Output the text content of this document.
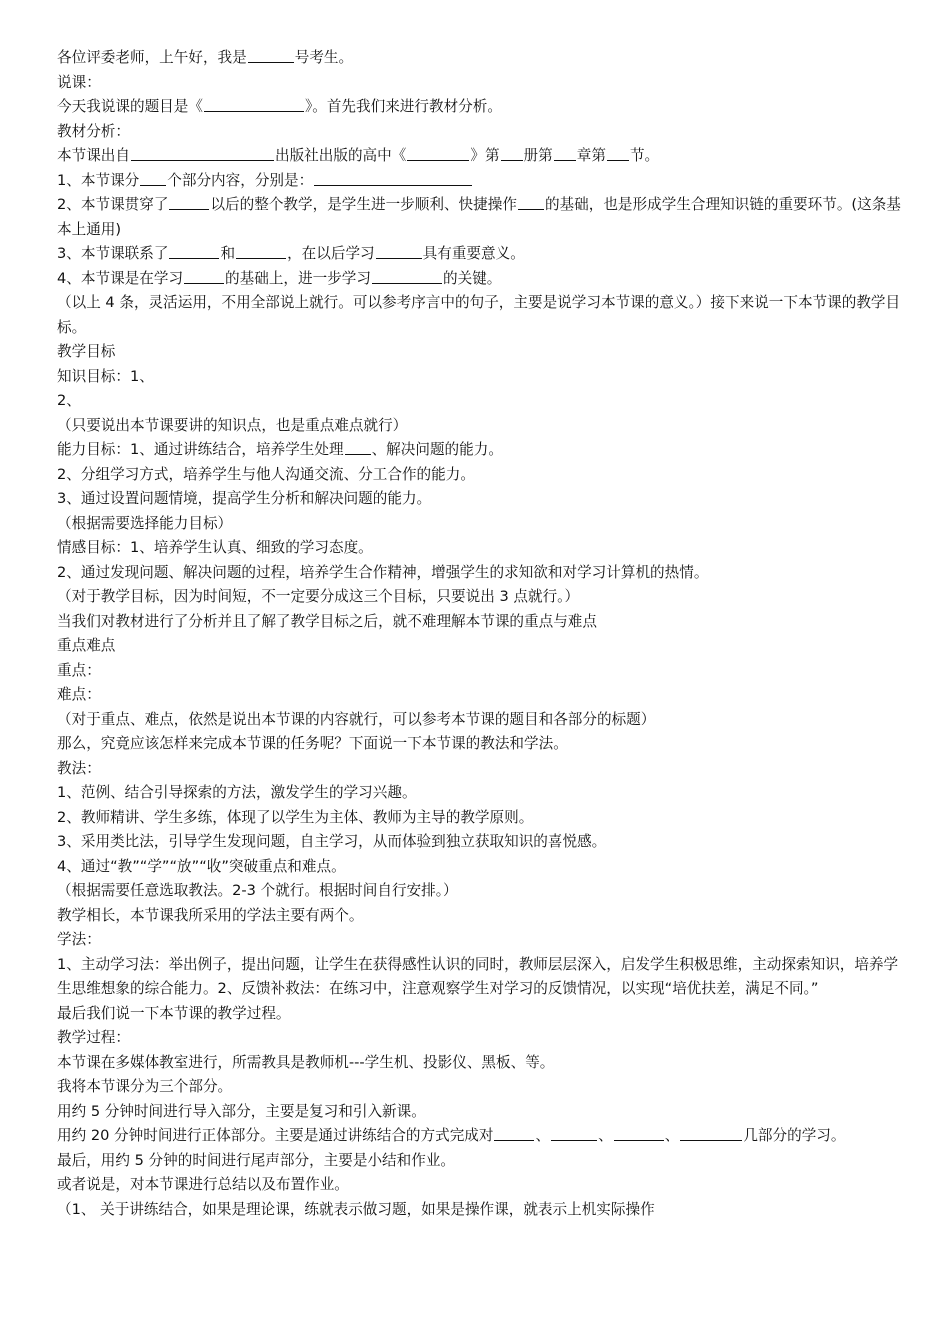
各位评委老师，上午好，我是	号考生。
说课：
今天我说课的题目是《	》。首先我们来进行教材分析。
教材分析：
本节课出自	出版社出版的高中《	》第 册第 章第 节。
1、本节课分 个部分内容，分别是：
2、本节课贯穿了	以后的整个教学，是学生进一步顺利、快捷操作 的基础，也是形成学生合理知识链的重要环节。(这条基本上通用)
3、本节课联系了	和	，在以后学习	具有重要意义。
4、本节课是在学习	的基础上，进一步学习	的关键。
（以上 4 条，灵活运用，不用全部说上就行。可以参考序言中的句子，主要是说学习本节课的意义。）接下来说一下本节课的教学目标。
教学目标
知识目标：1、
2、
（只要说出本节课要讲的知识点，也是重点难点就行）
能力目标：1、通过讲练结合，培养学生处理 、解决问题的能力。
2、分组学习方式，培养学生与他人沟通交流、分工合作的能力。
3、通过设置问题情境，提高学生分析和解决问题的能力。
（根据需要选择能力目标）
情感目标：1、培养学生认真、细致的学习态度。
2、通过发现问题、解决问题的过程，培养学生合作精神，增强学生的求知欲和对学习计算机的热情。
（对于教学目标，因为时间短，不一定要分成这三个目标，只要说出 3 点就行。）
当我们对教材进行了分析并且了解了教学目标之后，就不难理解本节课的重点与难点
重点难点
重点：
难点：
（对于重点、难点，依然是说出本节课的内容就行，可以参考本节课的题目和各部分的标题）
那么，究竟应该怎样来完成本节课的任务呢？下面说一下本节课的教法和学法。
教法：
1、范例、结合引导探索的方法，激发学生的学习兴趣。
2、教师精讲、学生多练，体现了以学生为主体、教师为主导的教学原则。
3、采用类比法，引导学生发现问题，自主学习，从而体验到独立获取知识的喜悦感。
4、通过“教”“学”“放”“收”突破重点和难点。
（根据需要任意选取教法。2-3 个就行。根据时间自行安排。）
教学相长，本节课我所采用的学法主要有两个。
学法：
1、主动学习法：举出例子，提出问题，让学生在获得感性认识的同时，教师层层深入，启发学生积极思维，主动探索知识，培养学生思维想象的综合能力。2、反馈补救法：在练习中，注意观察学生对学习的反馈情况，以实现“培优扶差，满足不同。”
最后我们说一下本节课的教学过程。
教学过程：
本节课在多媒体教室进行，所需教具是教师机---学生机、投影仪、黑板、等。
我将本节课分为三个部分。
用约 5 分钟时间进行导入部分，主要是复习和引入新课。
用约 20 分钟时间进行正体部分。主要是通过讲练结合的方式完成对	、	、	、	几部分的学习。
最后，用约 5 分钟的时间进行尾声部分，主要是小结和作业。
或者说是，对本节课进行总结以及布置作业。
（1、 关于讲练结合，如果是理论课，练就表示做习题，如果是操作课，就表示上机实际操作
